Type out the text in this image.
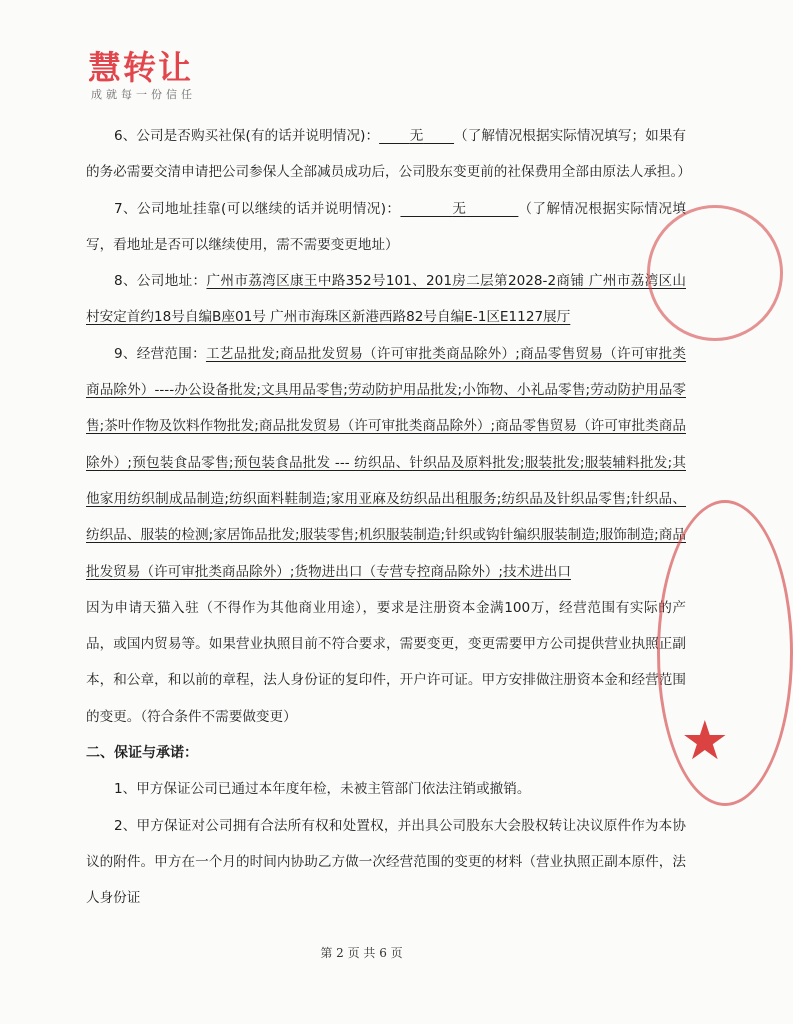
慧转让
成就每一份信任

6、公司是否购买社保(有的话并说明情况)： 无 （了解情况根据实际情况填写；如果有的务必需要交清申请把公司参保人全部减员成功后，公司股东变更前的社保费用全部由原法人承担。）

7、公司地址挂靠(可以继续的话并说明情况)：	无	（了解情况根据实际情况填写，看地址是否可以继续使用，需不需要变更地址）

8、公司地址：广州市荔湾区康王中路352号101、201房二层第2028-2商铺 广州市荔湾区山村安定首约18号自编B座01号 广州市海珠区新港西路82号自编E-1区E1127展厅

9、经营范围：工艺品批发;商品批发贸易（许可审批类商品除外）;商品零售贸易（许可审批类商品除外）----办公设备批发;文具用品零售;劳动防护用品批发;小饰物、小礼品零售;劳动防护用品零售;茶叶作物及饮料作物批发;商品批发贸易（许可审批类商品除外）;商品零售贸易（许可审批类商品除外）;预包装食品零售;预包装食品批发 --- 纺织品、针织品及原料批发;服装批发;服装辅料批发;其他家用纺织制成品制造;纺织面料鞋制造;家用亚麻及纺织品出租服务;纺织品及针织品零售;针织品、纺织品、服装的检测;家居饰品批发;服装零售;机织服装制造;针织或钩针编织服装制造;服饰制造;商品批发贸易（许可审批类商品除外）;货物进出口（专营专控商品除外）;技术进出口

因为申请天猫入驻（不得作为其他商业用途），要求是注册资本金满100万，经营范围有实际的产品，或国内贸易等。如果营业执照目前不符合要求，需要变更，变更需要甲方公司提供营业执照正副本，和公章，和以前的章程，法人身份证的复印件，开户许可证。甲方安排做注册资本金和经营范围的变更。（符合条件不需要做变更）

二、保证与承诺：

1、甲方保证公司已通过本年度年检，未被主管部门依法注销或撤销。

2、甲方保证对公司拥有合法所有权和处置权，并出具公司股东大会股权转让决议原件作为本协议的附件。甲方在一个月的时间内协助乙方做一次经营范围的变更的材料（营业执照正副本原件，法人身份证

第 2 页 共 6 页
★
